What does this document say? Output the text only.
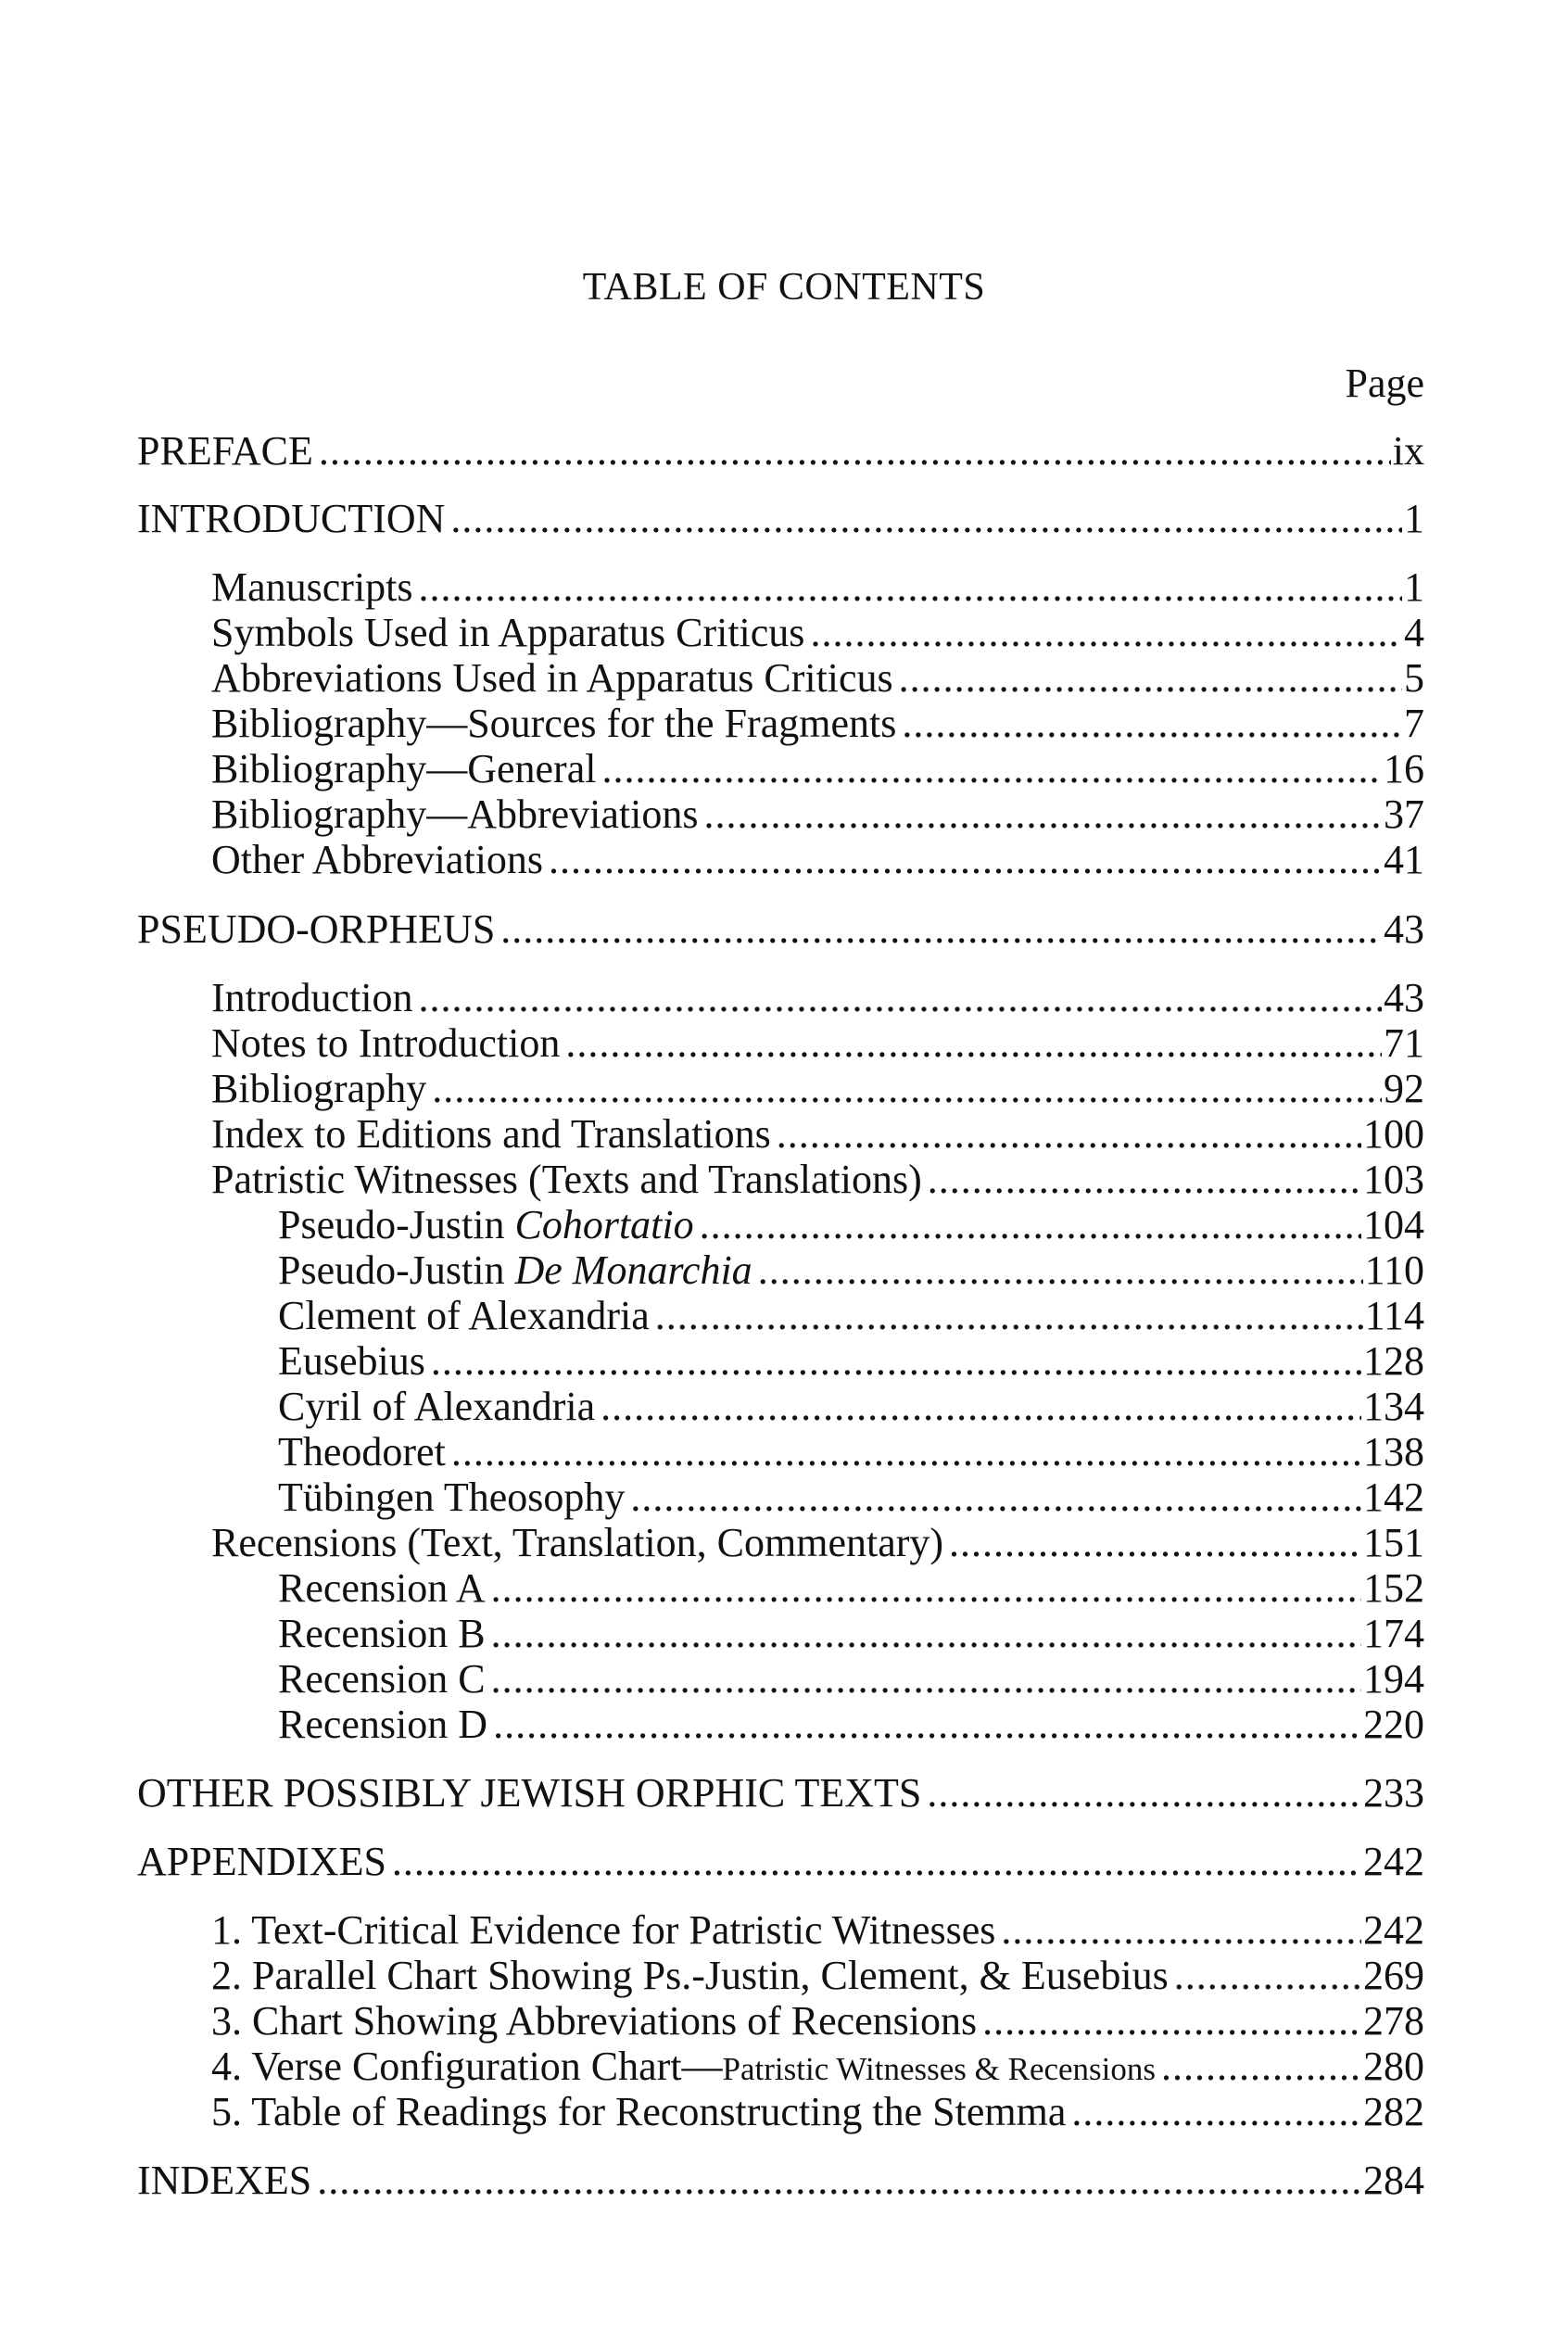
TABLE OF CONTENTS
Page
PREFACE . . .	ix
INTRODUCTION . . .	1
Manuscripts . . .	1
Symbols Used in Apparatus Criticus . . .	4
Abbreviations Used in Apparatus Criticus . . .	5
Bibliography—Sources for the Fragments . . .	7
Bibliography—General . . .	16
Bibliography—Abbreviations . . .	37
Other Abbreviations . . .	41
PSEUDO-ORPHEUS . . .	43
Introduction . . .	43
Notes to Introduction . . .	71
Bibliography . . .	92
Index to Editions and Translations . . .	100
Patristic Witnesses (Texts and Translations) . . .	103
Pseudo-Justin Cohortatio . . .	104
Pseudo-Justin De Monarchia . . .	110
Clement of Alexandria . . .	114
Eusebius . . .	128
Cyril of Alexandria . . .	134
Theodoret . . .	138
Tübingen Theosophy . . .	142
Recensions (Text, Translation, Commentary) . . .	151
Recension A . . .	152
Recension B . . .	174
Recension C . . .	194
Recension D . . .	220
OTHER POSSIBLY JEWISH ORPHIC TEXTS . . .	233
APPENDIXES . . .	242
1. Text-Critical Evidence for Patristic Witnesses . . .	242
2. Parallel Chart Showing Ps.-Justin, Clement, & Eusebius . . .	269
3. Chart Showing Abbreviations of Recensions . . .	278
4. Verse Configuration Chart—Patristic Witnesses & Recensions . . .	280
5. Table of Readings for Reconstructing the Stemma . . .	282
INDEXES . . .	284
